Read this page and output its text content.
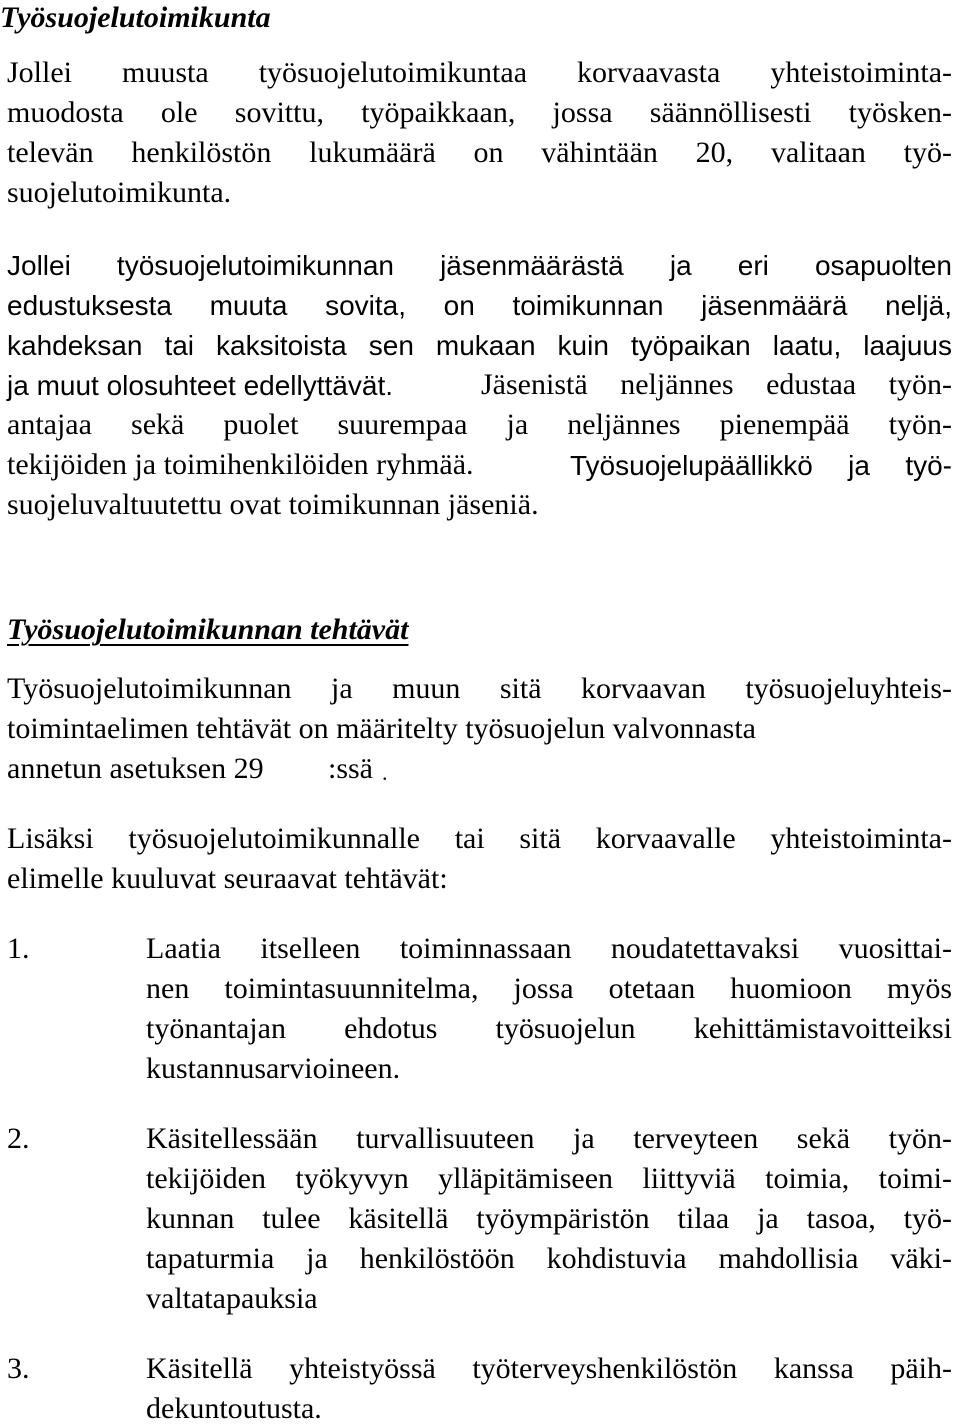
Työsuojelutoimikunta

Jollei muusta työsuojelutoimikuntaa korvaavasta yhteistoiminta-

muodosta ole sovittu, työpaikkaan, jossa säännöllisesti työsken-

televän henkilöstön lukumäärä on vähintään 20, valitaan työ-

suojelutoimikunta.

Jollei työsuojelutoimikunnan jäsenmäärästä ja eri osapuolten

edustuksesta muuta sovita, on toimikunnan jäsenmäärä neljä,

kahdeksan tai kaksitoista sen mukaan kuin työpaikan laatu, laajuus

ja muut olosuhteet edellyttävät.	Jäsenistä neljännes edustaa työn-

antajaa sekä puolet suurempaa ja neljännes pienempää työn-

tekijöiden ja toimihenkilöiden ryhmää.	Työsuojelupäällikkö ja työ-

suojeluvaltuutettu ovat toimikunnan jäseniä.

Työsuojelutoimikunnan tehtävät

Työsuojelutoimikunnan ja muun sitä korvaavan työsuojeluyhteis-

toimintaelimen tehtävät on määritelty työsuojelun valvonnasta

annetun asetuksen 29 :ssä .

Lisäksi työsuojelutoimikunnalle tai sitä korvaavalle yhteistoiminta-

elimelle kuuluvat seuraavat tehtävät:

1.	Laatia itselleen toiminnassaan noudatettavaksi vuosittai-

nen toimintasuunnitelma, jossa otetaan huomioon myös

työnantajan ehdotus työsuojelun kehittämistavoitteiksi

kustannusarvioineen.

2.	Käsitellessään turvallisuuteen ja terveyteen sekä työn-

tekijöiden työkyvyn ylläpitämiseen liittyviä toimia, toimi-

kunnan tulee käsitellä työympäristön tilaa ja tasoa, työ-

tapaturmia ja henkilöstöön kohdistuvia mahdollisia väki-

valtatapauksia

3.	Käsitellä yhteistyössä työterveyshenkilöstön kanssa päih-

dekuntoutusta.
